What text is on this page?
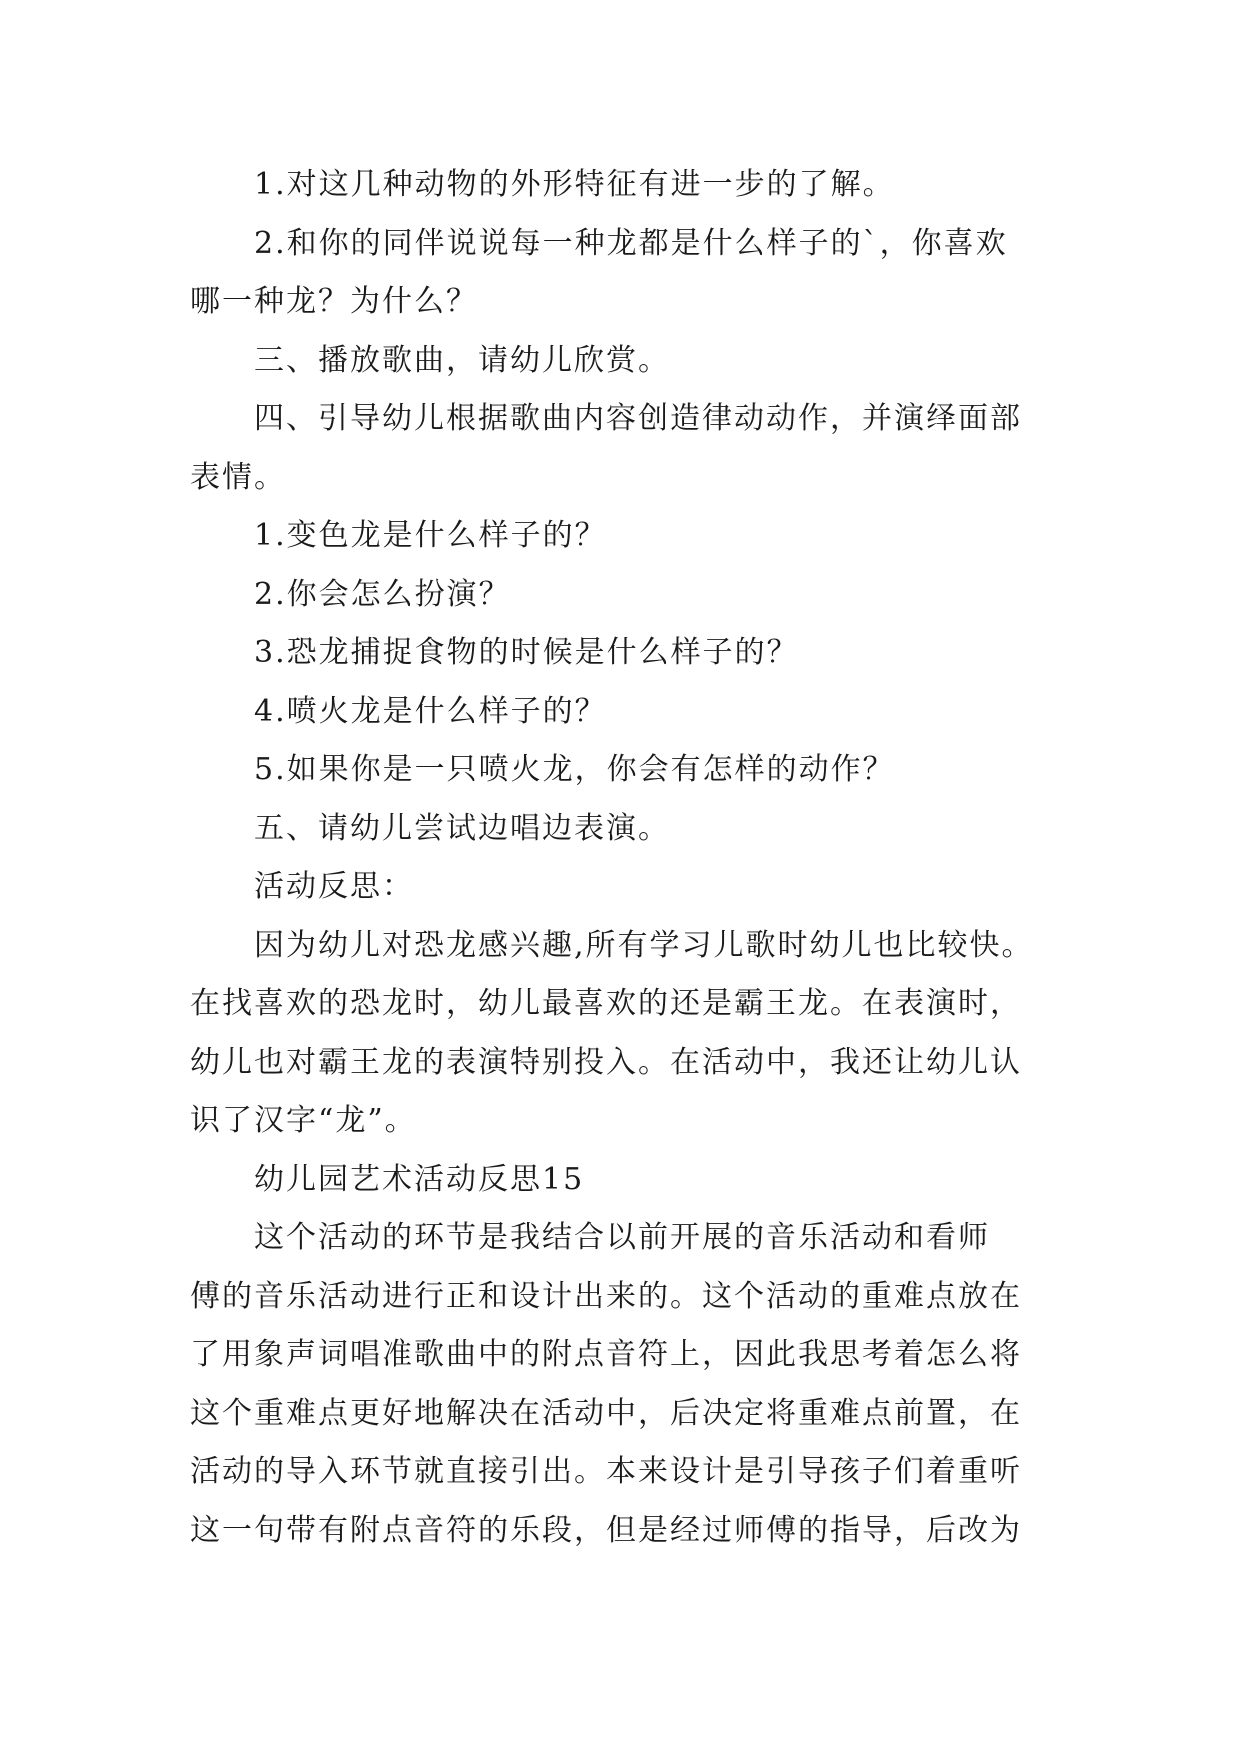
1.对这几种动物的外形特征有进一步的了解。
2.和你的同伴说说每一种龙都是什么样子的`，你喜欢
哪一种龙？为什么？
三、播放歌曲，请幼儿欣赏。
四、引导幼儿根据歌曲内容创造律动动作，并演绎面部
表情。
1.变色龙是什么样子的？
2.你会怎么扮演？
3.恐龙捕捉食物的时候是什么样子的？
4.喷火龙是什么样子的？
5.如果你是一只喷火龙，你会有怎样的动作？
五、请幼儿尝试边唱边表演。
活动反思：
因为幼儿对恐龙感兴趣,所有学习儿歌时幼儿也比较快。
在找喜欢的恐龙时，幼儿最喜欢的还是霸王龙。在表演时，
幼儿也对霸王龙的表演特别投入。在活动中，我还让幼儿认
识了汉字“龙”。
幼儿园艺术活动反思15
这个活动的环节是我结合以前开展的音乐活动和看师
傅的音乐活动进行正和设计出来的。这个活动的重难点放在
了用象声词唱准歌曲中的附点音符上，因此我思考着怎么将
这个重难点更好地解决在活动中，后决定将重难点前置，在
活动的导入环节就直接引出。本来设计是引导孩子们着重听
这一句带有附点音符的乐段，但是经过师傅的指导，后改为
